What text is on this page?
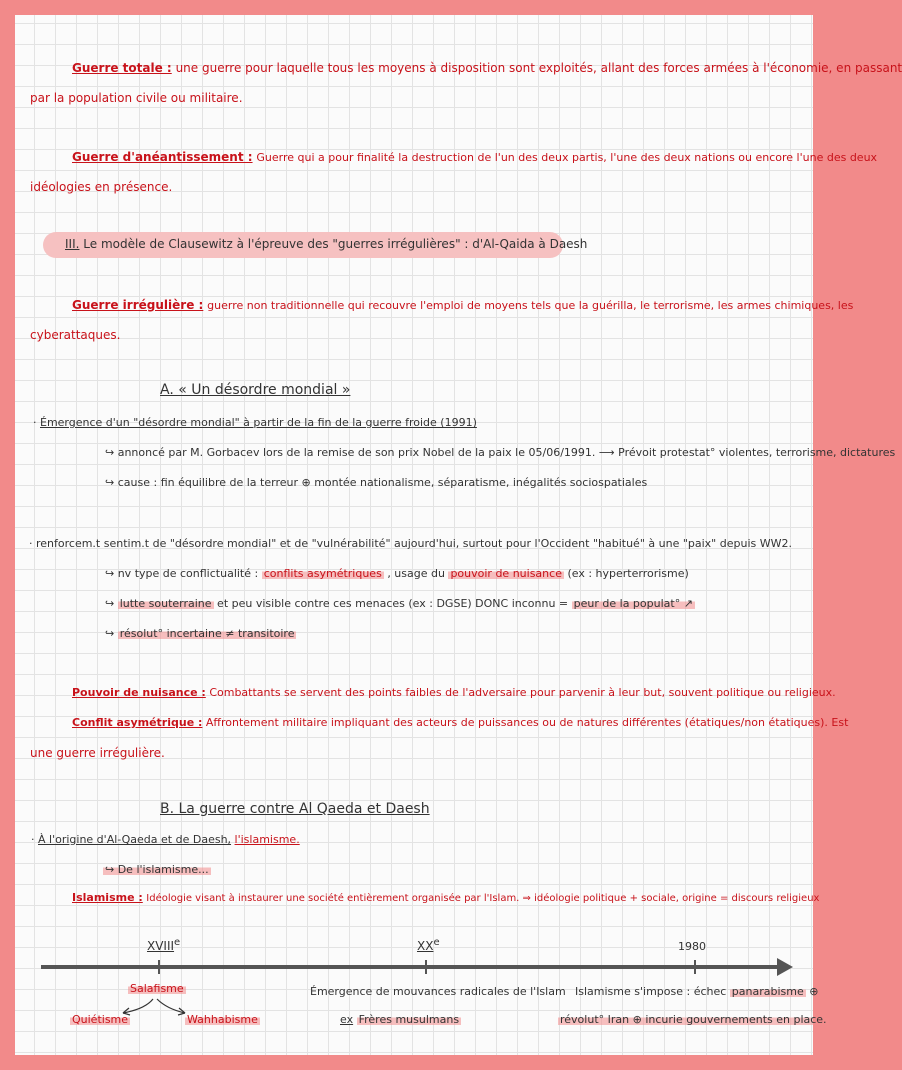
Guerre totale : une guerre pour laquelle tous les moyens à disposition sont exploités, allant des forces armées à l'économie, en passant
par la population civile ou militaire.
Guerre d'anéantissement : Guerre qui a pour finalité la destruction de l'un des deux partis, l'une des deux nations ou encore l'une des deux
idéologies en présence.
III. Le modèle de Clausewitz à l'épreuve des "guerres irrégulières" : d'Al-Qaida à Daesh
Guerre irrégulière : guerre non traditionnelle qui recouvre l'emploi de moyens tels que la guérilla, le terrorisme, les armes chimiques, les
cyberattaques.
A. « Un désordre mondial »
· Émergence d'un "désordre mondial" à partir de la fin de la guerre froide (1991)
↪ annoncé par M. Gorbacev lors de la remise de son prix Nobel de la paix le 05/06/1991. ⟶ Prévoit protestat° violentes, terrorisme, dictatures
↪ cause : fin équilibre de la terreur ⊕ montée nationalisme, séparatisme, inégalités sociospatiales
· renforcem.t sentim.t de "désordre mondial" et de "vulnérabilité" aujourd'hui, surtout pour l'Occident "habitué" à une "paix" depuis WW2.
↪ nv type de conflictualité : conflits asymétriques , usage du pouvoir de nuisance (ex : hyperterrorisme)
↪ lutte souterraine et peu visible contre ces menaces (ex : DGSE) DONC inconnu = peur de la populat° ↗
↪ résolut° incertaine ≠ transitoire
Pouvoir de nuisance : Combattants se servent des points faibles de l'adversaire pour parvenir à leur but, souvent politique ou religieux.
Conflit asymétrique : Affrontement militaire impliquant des acteurs de puissances ou de natures différentes (étatiques/non étatiques). Est
une guerre irrégulière.
B. La guerre contre Al Qaeda et Daesh
· À l'origine d'Al-Qaeda et de Daesh, l'islamisme.
↪ De l'islamisme...
Islamisme : Idéologie visant à instaurer une société entièrement organisée par l'Islam. ⇒ idéologie politique + sociale, origine = discours religieux
XVIIIe	XXe	1980
Salafisme
Quiétisme	Wahhabisme
Émergence de mouvances radicales de l'Islam
ex Frères musulmans
Islamisme s'impose : échec panarabisme ⊕
révolut° Iran ⊕ incurie gouvernements en place.
